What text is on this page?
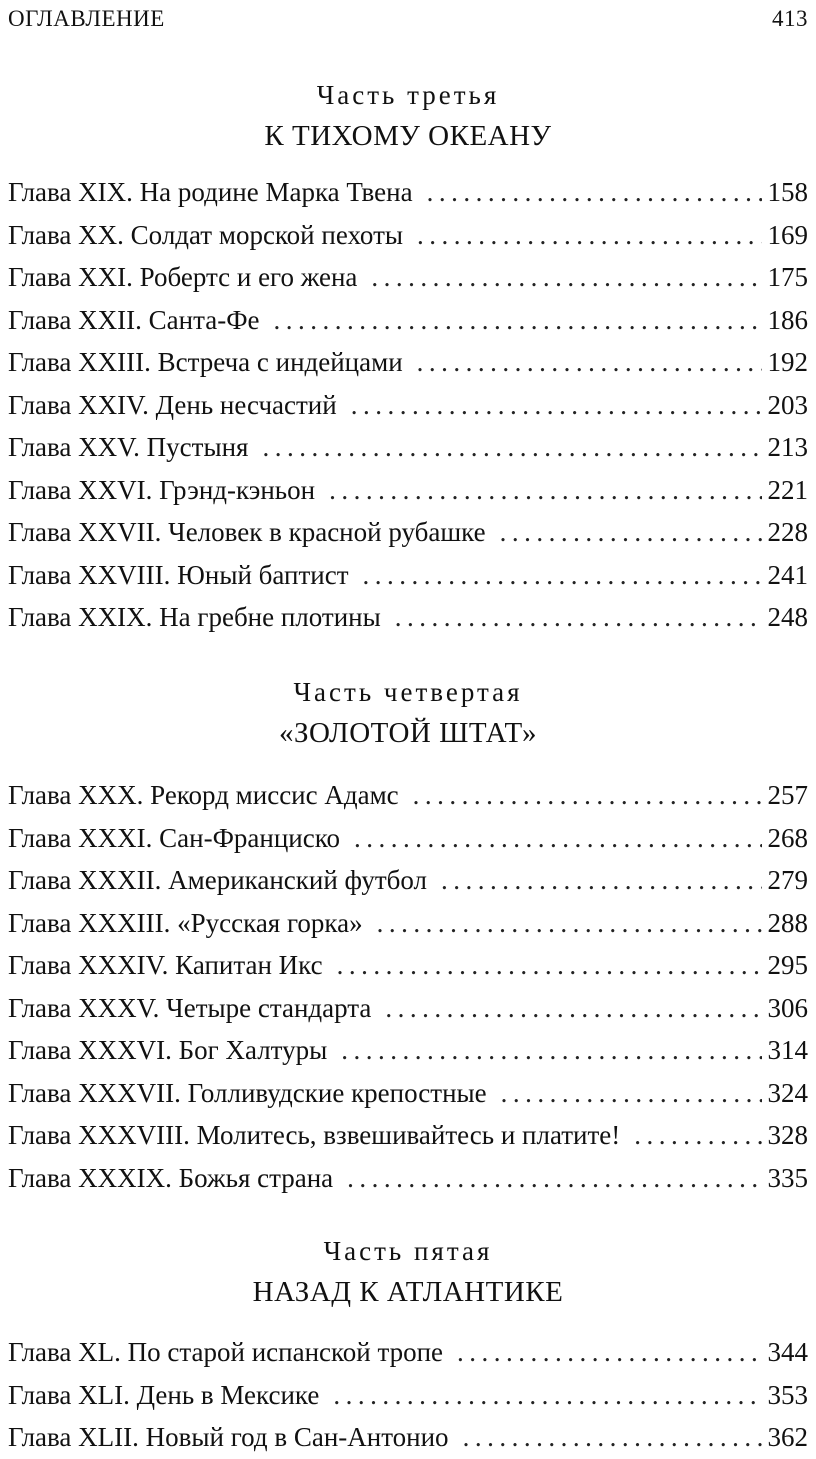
ОГЛАВЛЕНИЕ	413
Часть третья
К ТИХОМУ ОКЕАНУ
Глава XIX. На родине Марка Твена .....	158
Глава XX. Солдат морской пехоты .....	169
Глава XXI. Робертс и его жена .....	175
Глава XXII. Санта-Фе .....	186
Глава XXIII. Встреча с индейцами .....	192
Глава XXIV. День несчастий .....	203
Глава XXV. Пустыня .....	213
Глава XXVI. Грэнд-кэньон .....	221
Глава XXVII. Человек в красной рубашке .....	228
Глава XXVIII. Юный баптист .....	241
Глава XXIX. На гребне плотины .....	248
Часть четвертая
«ЗОЛОТОЙ ШТАТ»
Глава XXX. Рекорд миссис Адамс .....	257
Глава XXXI. Сан-Франциско .....	268
Глава XXXII. Американский футбол .....	279
Глава XXXIII. «Русская горка» .....	288
Глава XXXIV. Капитан Икс .....	295
Глава XXXV. Четыре стандарта .....	306
Глава XXXVI. Бог Халтуры .....	314
Глава XXXVII. Голливудские крепостные .....	324
Глава XXXVIII. Молитесь, взвешивайтесь и платите! .....	328
Глава XXXIX. Божья страна .....	335
Часть пятая
НАЗАД К АТЛАНТИКЕ
Глава XL. По старой испанской тропе .....	344
Глава XLI. День в Мексике .....	353
Глава XLII. Новый год в Сан-Антонио .....	362
